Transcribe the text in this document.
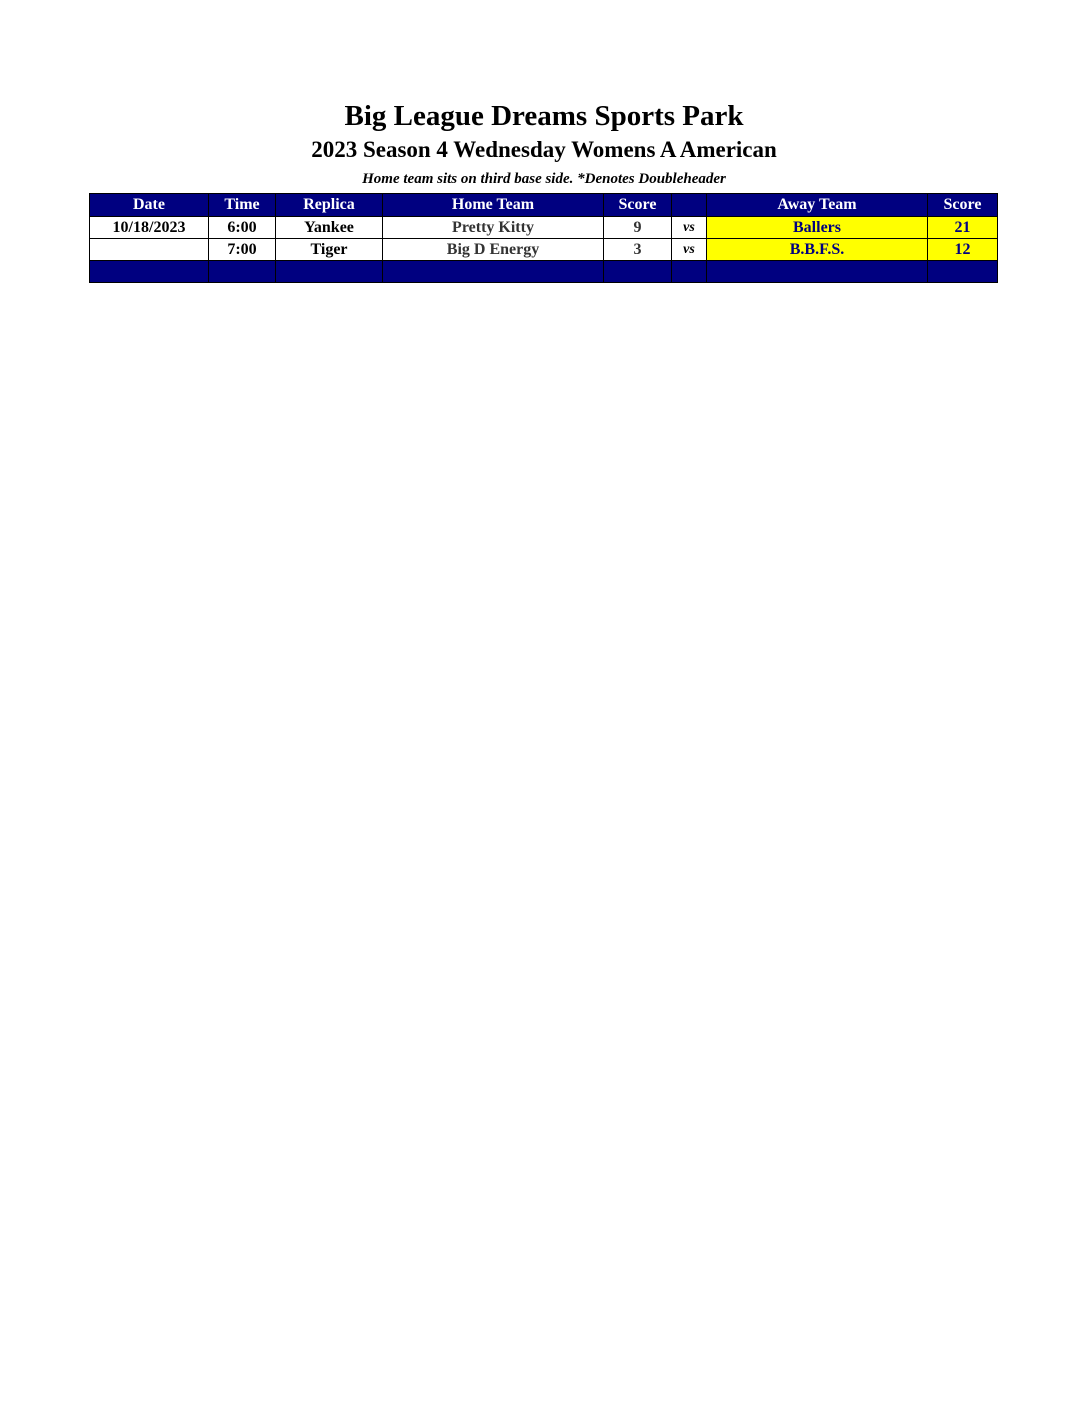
Big League Dreams Sports Park
2023 Season 4 Wednesday Womens A American
Home team sits on third base side. *Denotes Doubleheader
Date	Time	Replica	Home Team	Score		Away Team	Score
10/18/2023	6:00	Yankee	Pretty Kitty	9	vs	Ballers	21
	7:00	Tiger	Big D Energy	3	vs	B.B.F.S.	12
